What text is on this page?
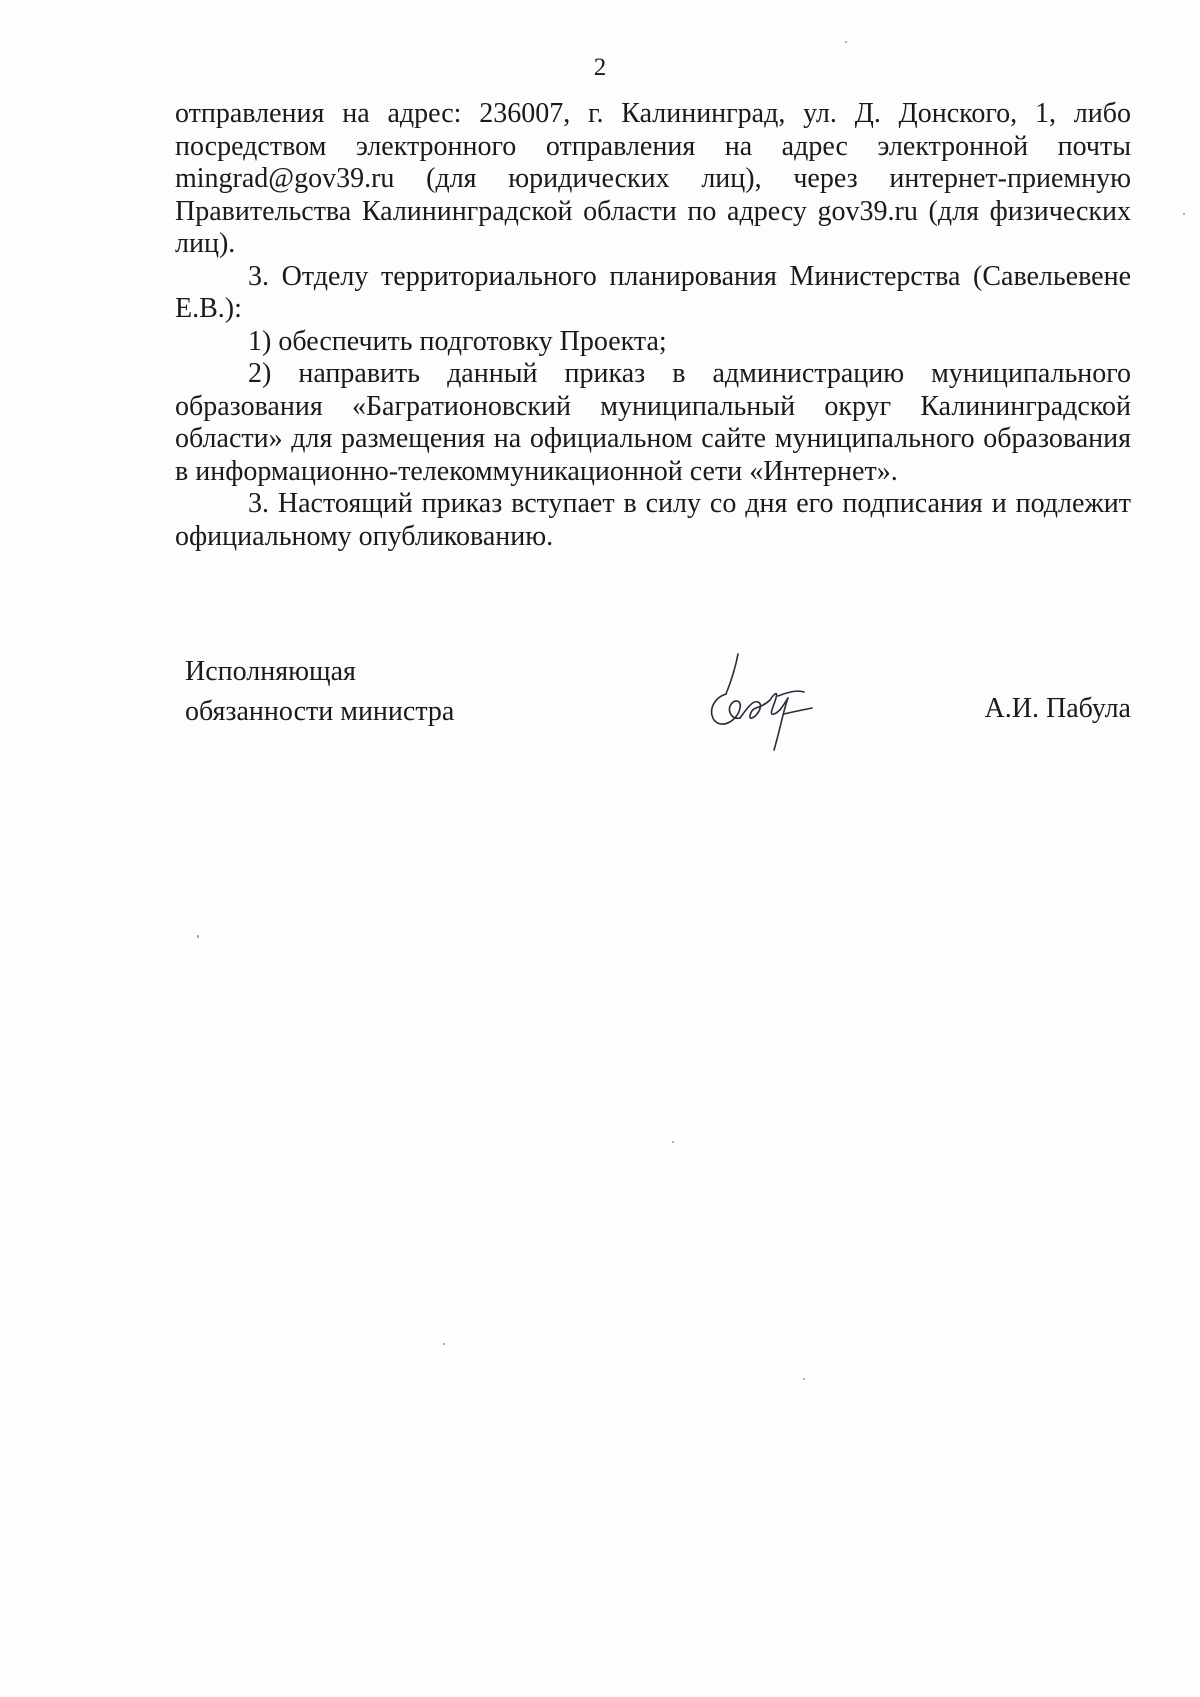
2

отправления на адрес: 236007, г. Калининград, ул. Д. Донского, 1, либо посредством электронного отправления на адрес электронной почты mingrad@gov39.ru (для юридических лиц), через интернет-приемную Правительства Калининградской области по адресу gov39.ru (для физических лиц).

3. Отделу территориального планирования Министерства (Савельевене Е.В.):

1) обеспечить подготовку Проекта;

2) направить данный приказ в администрацию муниципального образования «Багратионовский муниципальный округ Калининградской области» для размещения на официальном сайте муниципального образования в информационно-телекоммуникационной сети «Интернет».

3. Настоящий приказ вступает в силу со дня его подписания и подлежит официальному опубликованию.

Исполняющая
обязанности министра	А.И. Пабула
